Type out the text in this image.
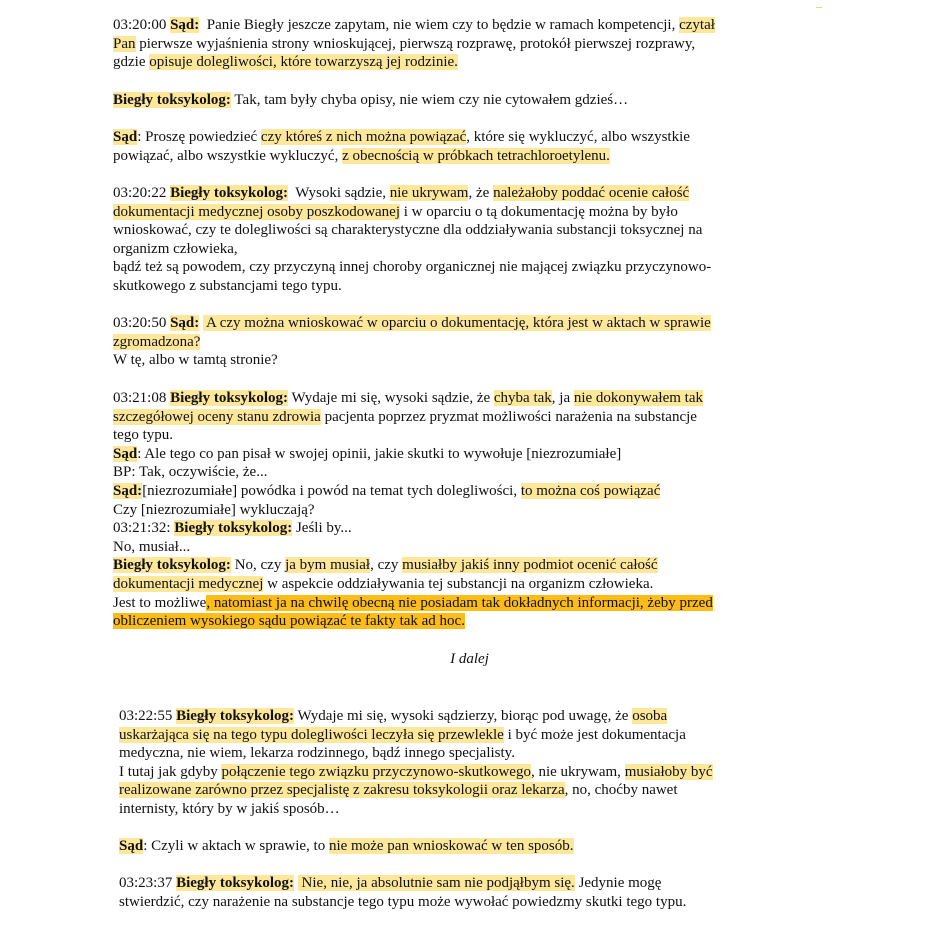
03:20:00 Sąd:  Panie Biegły jeszcze zapytam, nie wiem czy to będzie w ramach kompetencji, czytał
Pan pierwsze wyjaśnienia strony wnioskującej, pierwszą rozprawę, protokół pierwszej rozprawy,
gdzie opisuje dolegliwości, które towarzyszą jej rodzinie.
Biegły toksykolog: Tak, tam były chyba opisy, nie wiem czy nie cytowałem gdzieś…
Sąd: Proszę powiedzieć czy któreś z nich można powiązać, które się wykluczyć, albo wszystkie
powiązać, albo wszystkie wykluczyć, z obecnością w próbkach tetrachloroetylenu.
03:20:22 Biegły toksykolog:  Wysoki sądzie, nie ukrywam, że należałoby poddać ocenie całość
dokumentacji medycznej osoby poszkodowanej i w oparciu o tą dokumentację można by było
wnioskować, czy te dolegliwości są charakterystyczne dla oddziaływania substancji toksycznej na
organizm człowieka,
bądź też są powodem, czy przyczyną innej choroby organicznej nie mającej związku przyczynowo-
skutkowego z substancjami tego typu.
03:20:50 Sąd:  A czy można wnioskować w oparciu o dokumentację, która jest w aktach w sprawie
zgromadzona?
W tę, albo w tamtą stronie?
03:21:08 Biegły toksykolog: Wydaje mi się, wysoki sądzie, że chyba tak, ja nie dokonywałem tak
szczegółowej oceny stanu zdrowia pacjenta poprzez pryzmat możliwości narażenia na substancje
tego typu.
Sąd: Ale tego co pan pisał w swojej opinii, jakie skutki to wywołuje [niezrozumiałe]
BP: Tak, oczywiście, że...
Sąd:[niezrozumiałe] powódka i powód na temat tych dolegliwości, to można coś powiązać
Czy [niezrozumiałe] wykluczają?
03:21:32: Biegły toksykolog: Jeśli by...
No, musiał...
Biegły toksykolog: No, czy ja bym musiał, czy musiałby jakiś inny podmiot ocenić całość
dokumentacji medycznej w aspekcie oddziaływania tej substancji na organizm człowieka.
Jest to możliwe, natomiast ja na chwilę obecną nie posiadam tak dokładnych informacji, żeby przed
obliczeniem wysokiego sądu powiązać te fakty tak ad hoc.
I dalej
03:22:55 Biegły toksykolog: Wydaje mi się, wysoki sądzierzy, biorąc pod uwagę, że osoba
uskarżająca się na tego typu dolegliwości leczyła się przewlekle i być może jest dokumentacja
medyczna, nie wiem, lekarza rodzinnego, bądź innego specjalisty.
I tutaj jak gdyby połączenie tego związku przyczynowo-skutkowego, nie ukrywam, musiałoby być
realizowane zarówno przez specjalistę z zakresu toksykologii oraz lekarza, no, choćby nawet
internisty, który by w jakiś sposób…
Sąd: Czyli w aktach w sprawie, to nie może pan wnioskować w ten sposób.
03:23:37 Biegły toksykolog:  Nie, nie, ja absolutnie sam nie podjąłbym się. Jedynie mogę
stwierdzić, czy narażenie na substancje tego typu może wywołać powiedzmy skutki tego typu.
